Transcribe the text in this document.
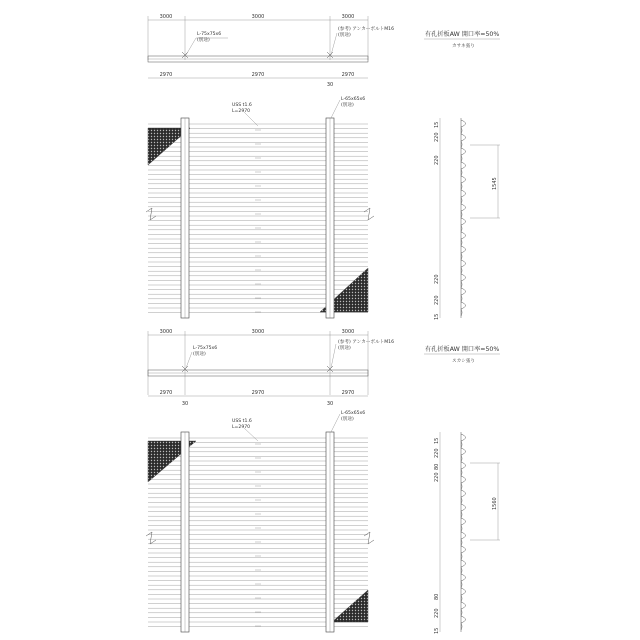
3000	3000	3000
L-75x75x6
(別途)
(参考) アンカーボルトM16
(別途)
2970	2970	2970
30
USS t1.6
L=2970
L-65x65x6
(別途)
有孔折板AW 開口率=50%
カサネ張り
15
220
220
1545
220
220
15
3000	3000	3000
L-75x75x6
(別途)
(参考) アンカーボルトM16
(別途)
2970	2970	2970
30	30
USS t1.6
L=2970
L-65x65x6
(別途)
有孔折板AW 開口率=50%
スカシ張り
15
220
80
220
1560
80
220
15
